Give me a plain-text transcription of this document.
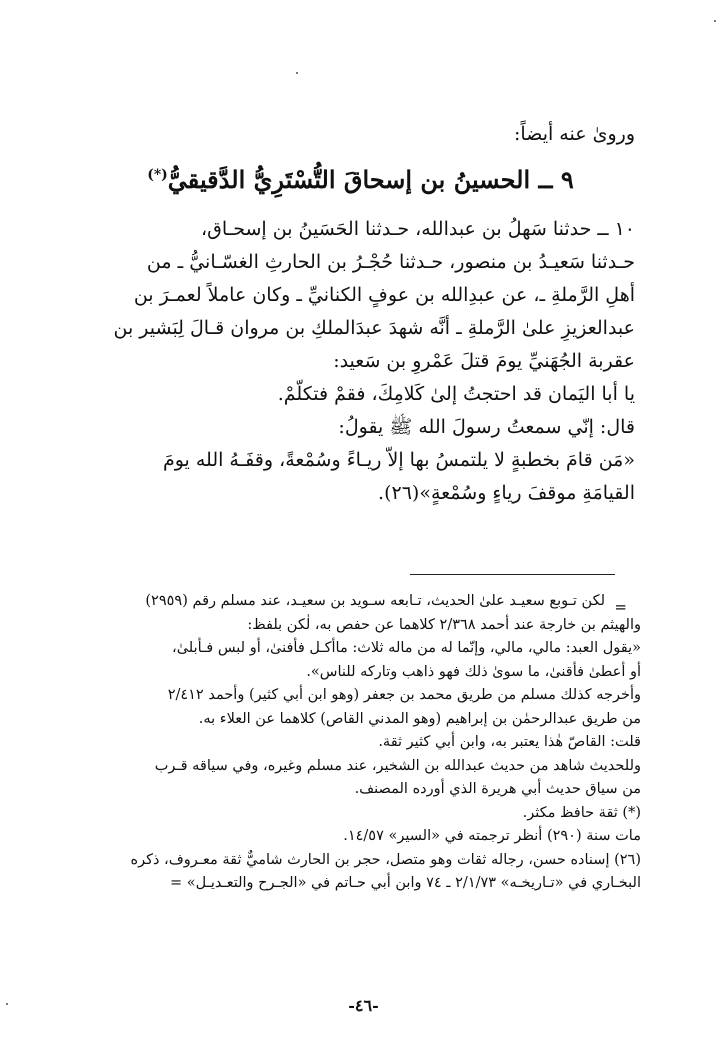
ورویٰ عنه أیضاً:

٩ ــ الحسینُ بن إسحاقَ التُّسْتَرِيُّ الدَّقیقيُّ(*)
١٠ ــ حدثنا سَهلُ بن عبدالله، حـدثنا الحَسَینُ بن إسحـاق،
حـدثنا سَعیـدُ بن منصور، حـدثنا حُجْـرُ بن الحارثِ الغسّـانيُّ ـ من
أهلِ الرَّملةِ ـ، عن عبدِالله بن عوفٍ الكنانيِّ ـ وكان عاملاً لعمـرَ بن
عبدالعزیزِ علیٰ الرَّملةِ ـ أنَّه شهدَ عبدَالملكِ بن مروان قـالَ لِبَشیر بن
عقربة الجُهَنيِّ یومَ قتلَ عَمْروِ بن سَعید:
یا أبا الیَمان قد احتجتُ إلیٰ كَلامِكَ، فقمْ فتكلّمْ.
قال: إنّي سمعتُ رسولَ الله ﷺ یقولُ:
«مَن قامَ بخطبةٍ لا یلتمسُ بها إلاّ ریـاءً وسُمْعةً، وقفَـهُ الله یومَ
القیامَةِ موقفَ ریاءٍ وسُمْعةٍ»(٢٦).
=
لكن تـوبع سعیـد علیٰ الحدیث، تـابعه سـوید بن سعیـد، عند مسلم رقم (٢٩٥٩)
والهیثم بن خارجة عند أحمد ٢/٣٦٨ كلاهما عن حفص به، لٰكن بلفظ:
«یقول العبد: مالي، مالي، وإنّما له من ماله ثلاث: ماأكـل فأفنیٰ، أو لبس فـأبلیٰ،
أو أعطیٰ فأقنیٰ، ما سویٰ ذلك فهو ذاهب وتاركه للناس».
وأخرجه كذلك مسلم من طریق محمد بن جعفر (وهو ابن أبي كثیر) وأحمد ٢/٤١٢
من طریق عبدالرحمٰن بن إبراهیم (وهو المدني القاص) كلاهما عن العلاء به.
قلت: القاصّ هٰذا یعتبر به، وابن أبي كثیر ثقة.
وللحدیث شاهد من حدیث عبدالله بن الشخیر، عند مسلم وغیره، وفي سیاقه قـرب
من سیاق حدیث أبي هریرة الذي أورده المصنف.
(*) ثقة حافظ مكثر.
مات سنة (٢٩٠) أنظر ترجمته في «السیر» ١٤/٥٧.
(٢٦) إسناده حسن، رجاله ثقات وهو متصل، حجر بن الحارث شاميٌّ ثقة معـروف، ذكره
البخـاري في «تـاریخـه» ٢/١/٧٣ ـ ٧٤ وابن أبي حـاتم في «الجـرح والتعـدیـل» =
-٤٦-
